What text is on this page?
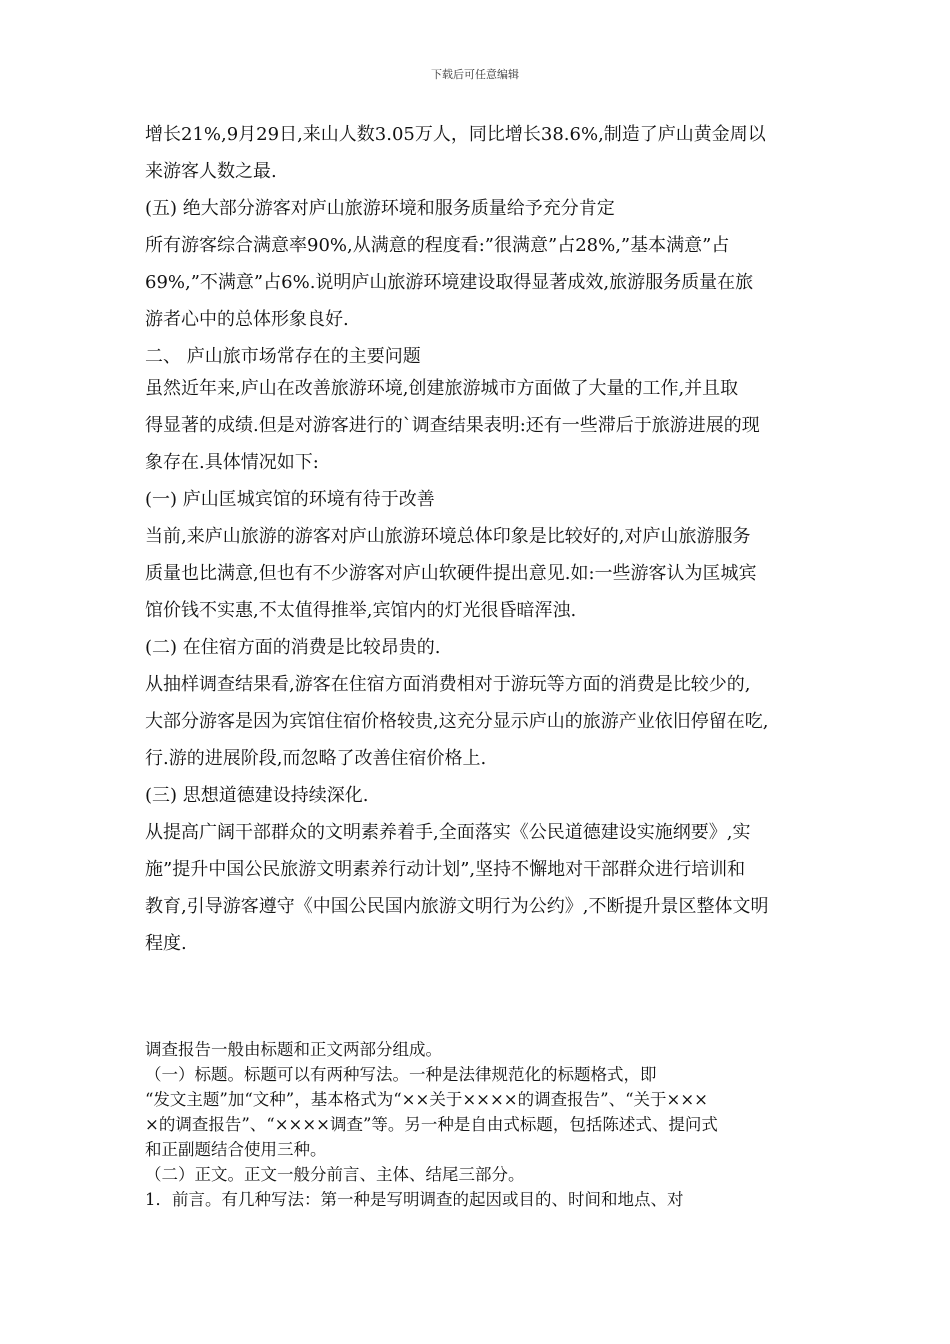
下载后可任意编辑
增长21%,9月29日,来山人数3.05万人，同比增长38.6%,制造了庐山黄金周以
来游客人数之最.
(五) 绝大部分游客对庐山旅游环境和服务质量给予充分肯定
所有游客综合满意率90%,从满意的程度看:”很满意”占28%,”基本满意”占
69%,”不满意”占6%.说明庐山旅游环境建设取得显著成效,旅游服务质量在旅
游者心中的总体形象良好.
二、 庐山旅市场常存在的主要问题
虽然近年来,庐山在改善旅游环境,创建旅游城市方面做了大量的工作,并且取
得显著的成绩.但是对游客进行的`调查结果表明:还有一些滞后于旅游进展的现
象存在.具体情况如下:
(一) 庐山匡城宾馆的环境有待于改善
当前,来庐山旅游的游客对庐山旅游环境总体印象是比较好的,对庐山旅游服务
质量也比满意,但也有不少游客对庐山软硬件提出意见.如:一些游客认为匡城宾
馆价钱不实惠,不太值得推举,宾馆内的灯光很昏暗浑浊.
(二) 在住宿方面的消费是比较昂贵的.
从抽样调查结果看,游客在住宿方面消费相对于游玩等方面的消费是比较少的,
大部分游客是因为宾馆住宿价格较贵,这充分显示庐山的旅游产业依旧停留在吃,
行.游的进展阶段,而忽略了改善住宿价格上.
(三) 思想道德建设持续深化.
从提高广阔干部群众的文明素养着手,全面落实《公民道德建设实施纲要》,实
施”提升中国公民旅游文明素养行动计划”,坚持不懈地对干部群众进行培训和
教育,引导游客遵守《中国公民国内旅游文明行为公约》,不断提升景区整体文明
程度.
调查报告一般由标题和正文两部分组成。
（一）标题。标题可以有两种写法。一种是法律规范化的标题格式，即
“发文主题”加“文种”，基本格式为“××关于××××的调查报告”、“关于×××
×的调查报告”、“××××调查”等。另一种是自由式标题，包括陈述式、提问式
和正副题结合使用三种。
（二）正文。正文一般分前言、主体、结尾三部分。
1．前言。有几种写法：第一种是写明调查的起因或目的、时间和地点、对
